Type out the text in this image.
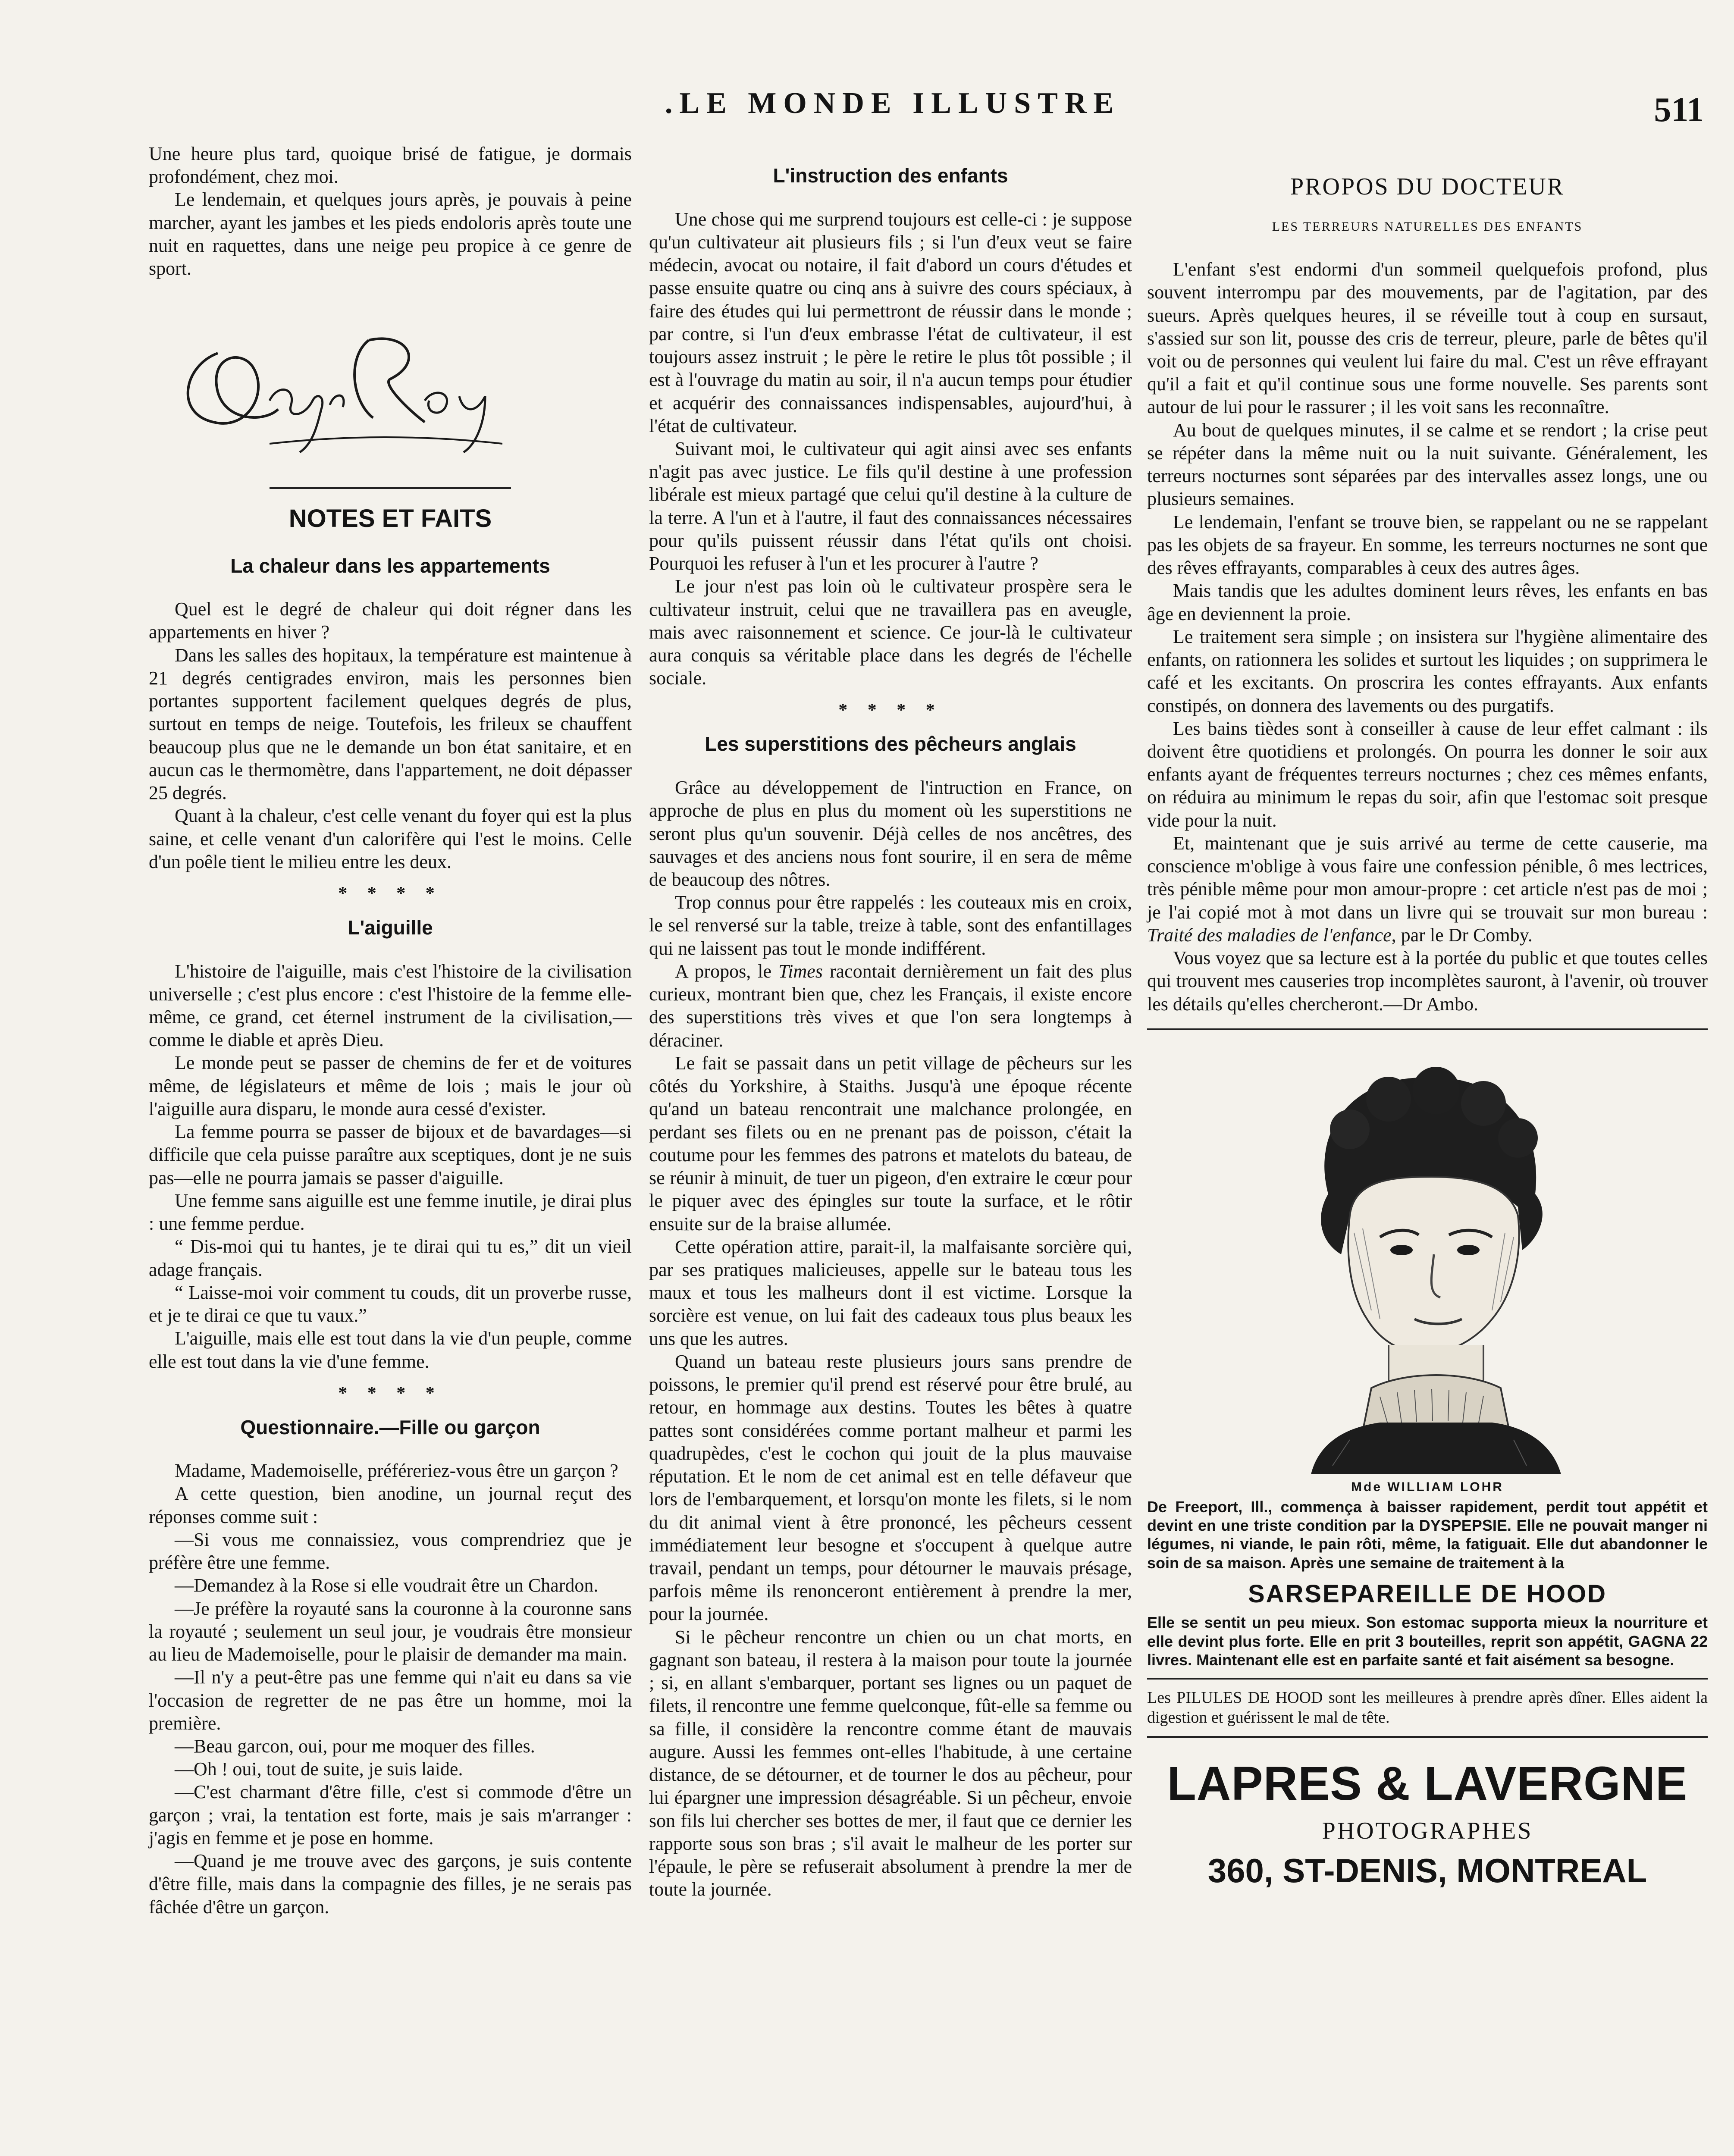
.LE MONDE ILLUSTRE	511

Une heure plus tard, quoique brisé de fatigue, je dormais profondément, chez moi.

Le lendemain, et quelques jours après, je pouvais à peine marcher, ayant les jambes et les pieds endoloris après toute une nuit en raquettes, dans une neige peu propice à ce genre de sport.

NOTES ET FAITS
La chaleur dans les appartements

Quel est le degré de chaleur qui doit régner dans les appartements en hiver ?

Dans les salles des hopitaux, la température est maintenue à 21 degrés centigrades environ, mais les personnes bien portantes supportent facilement quelques degrés de plus, surtout en temps de neige. Toutefois, les frileux se chauffent beaucoup plus que ne le demande un bon état sanitaire, et en aucun cas le thermomètre, dans l'appartement, ne doit dépasser 25 degrés.

Quant à la chaleur, c'est celle venant du foyer qui est la plus saine, et celle venant d'un calorifère qui l'est le moins. Celle d'un poêle tient le milieu entre les deux.

* * * *
L'aiguille

L'histoire de l'aiguille, mais c'est l'histoire de la civilisation universelle ; c'est plus encore : c'est l'histoire de la femme elle-même, ce grand, cet éternel instrument de la civilisation,—comme le diable et après Dieu.

Le monde peut se passer de chemins de fer et de voitures même, de législateurs et même de lois ; mais le jour où l'aiguille aura disparu, le monde aura cessé d'exister.

La femme pourra se passer de bijoux et de bavardages—si difficile que cela puisse paraître aux sceptiques, dont je ne suis pas—elle ne pourra jamais se passer d'aiguille.

Une femme sans aiguille est une femme inutile, je dirai plus : une femme perdue.

“ Dis-moi qui tu hantes, je te dirai qui tu es,” dit un vieil adage français.

“ Laisse-moi voir comment tu couds, dit un proverbe russe, et je te dirai ce que tu vaux.”

L'aiguille, mais elle est tout dans la vie d'un peuple, comme elle est tout dans la vie d'une femme.

* * * *
Questionnaire.—Fille ou garçon

Madame, Mademoiselle, préféreriez-vous être un garçon ?

A cette question, bien anodine, un journal reçut des réponses comme suit :

—Si vous me connaissiez, vous comprendriez que je préfère être une femme.

—Demandez à la Rose si elle voudrait être un Chardon.

—Je préfère la royauté sans la couronne à la couronne sans la royauté ; seulement un seul jour, je voudrais être monsieur au lieu de Mademoiselle, pour le plaisir de demander ma main.

—Il n'y a peut-être pas une femme qui n'ait eu dans sa vie l'occasion de regretter de ne pas être un homme, moi la première.

—Beau garcon, oui, pour me moquer des filles.

—Oh ! oui, tout de suite, je suis laide.

—C'est charmant d'être fille, c'est si commode d'être un garçon ; vrai, la tentation est forte, mais je sais m'arranger : j'agis en femme et je pose en homme.

—Quand je me trouve avec des garçons, je suis contente d'être fille, mais dans la compagnie des filles, je ne serais pas fâchée d'être un garçon.

L'instruction des enfants

Une chose qui me surprend toujours est celle-ci : je suppose qu'un cultivateur ait plusieurs fils ; si l'un d'eux veut se faire médecin, avocat ou notaire, il fait d'abord un cours d'études et passe ensuite quatre ou cinq ans à suivre des cours spéciaux, à faire des études qui lui permettront de réussir dans le monde ; par contre, si l'un d'eux embrasse l'état de cultivateur, il est toujours assez instruit ; le père le retire le plus tôt possible ; il est à l'ouvrage du matin au soir, il n'a aucun temps pour étudier et acquérir des connaissances indispensables, aujourd'hui, à l'état de cultivateur.

Suivant moi, le cultivateur qui agit ainsi avec ses enfants n'agit pas avec justice. Le fils qu'il destine à une profession libérale est mieux partagé que celui qu'il destine à la culture de la terre. A l'un et à l'autre, il faut des connaissances nécessaires pour qu'ils puissent réussir dans l'état qu'ils ont choisi. Pourquoi les refuser à l'un et les procurer à l'autre ?

Le jour n'est pas loin où le cultivateur prospère sera le cultivateur instruit, celui que ne travaillera pas en aveugle, mais avec raisonnement et science. Ce jour-là le cultivateur aura conquis sa véritable place dans les degrés de l'échelle sociale.

* * * *
Les superstitions des pêcheurs anglais

Grâce au développement de l'intruction en France, on approche de plus en plus du moment où les superstitions ne seront plus qu'un souvenir. Déjà celles de nos ancêtres, des sauvages et des anciens nous font sourire, il en sera de même de beaucoup des nôtres.

Trop connus pour être rappelés : les couteaux mis en croix, le sel renversé sur la table, treize à table, sont des enfantillages qui ne laissent pas tout le monde indifférent.

A propos, le Times racontait dernièrement un fait des plus curieux, montrant bien que, chez les Français, il existe encore des superstitions très vives et que l'on sera longtemps à déraciner.

Le fait se passait dans un petit village de pêcheurs sur les côtés du Yorkshire, à Staiths. Jusqu'à une époque récente qu'and un bateau rencontrait une malchance prolongée, en perdant ses filets ou en ne prenant pas de poisson, c'était la coutume pour les femmes des patrons et matelots du bateau, de se réunir à minuit, de tuer un pigeon, d'en extraire le cœur pour le piquer avec des épingles sur toute la surface, et le rôtir ensuite sur de la braise allumée.

Cette opération attire, parait-il, la malfaisante sorcière qui, par ses pratiques malicieuses, appelle sur le bateau tous les maux et tous les malheurs dont il est victime. Lorsque la sorcière est venue, on lui fait des cadeaux tous plus beaux les uns que les autres.

Quand un bateau reste plusieurs jours sans prendre de poissons, le premier qu'il prend est réservé pour être brulé, au retour, en hommage aux destins. Toutes les bêtes à quatre pattes sont considérées comme portant malheur et parmi les quadrupèdes, c'est le cochon qui jouit de la plus mauvaise réputation. Et le nom de cet animal est en telle défaveur que lors de l'embarquement, et lorsqu'on monte les filets, si le nom du dit animal vient à être prononcé, les pêcheurs cessent immédiatement leur besogne et s'occupent à quelque autre travail, pendant un temps, pour détourner le mauvais présage, parfois même ils renonceront entièrement à prendre la mer, pour la journée.

Si le pêcheur rencontre un chien ou un chat morts, en gagnant son bateau, il restera à la maison pour toute la journée ; si, en allant s'embarquer, portant ses lignes ou un paquet de filets, il rencontre une femme quelconque, fût-elle sa femme ou sa fille, il considère la rencontre comme étant de mauvais augure. Aussi les femmes ont-elles l'habitude, à une certaine distance, de se détourner, et de tourner le dos au pêcheur, pour lui épargner une impression désagréable. Si un pêcheur, envoie son fils lui chercher ses bottes de mer, il faut que ce dernier les rapporte sous son bras ; s'il avait le malheur de les porter sur l'épaule, le père se refuserait absolument à prendre la mer de toute la journée.

PROPOS DU DOCTEUR
LES TERREURS NATURELLES DES ENFANTS

L'enfant s'est endormi d'un sommeil quelquefois profond, plus souvent interrompu par des mouvements, par de l'agitation, par des sueurs. Après quelques heures, il se réveille tout à coup en sursaut, s'assied sur son lit, pousse des cris de terreur, pleure, parle de bêtes qu'il voit ou de personnes qui veulent lui faire du mal. C'est un rêve effrayant qu'il a fait et qu'il continue sous une forme nouvelle. Ses parents sont autour de lui pour le rassurer ; il les voit sans les reconnaître.

Au bout de quelques minutes, il se calme et se rendort ; la crise peut se répéter dans la même nuit ou la nuit suivante. Généralement, les terreurs nocturnes sont séparées par des intervalles assez longs, une ou plusieurs semaines.

Le lendemain, l'enfant se trouve bien, se rappelant ou ne se rappelant pas les objets de sa frayeur. En somme, les terreurs nocturnes ne sont que des rêves effrayants, comparables à ceux des autres âges.

Mais tandis que les adultes dominent leurs rêves, les enfants en bas âge en deviennent la proie.

Le traitement sera simple ; on insistera sur l'hygiène alimentaire des enfants, on rationnera les solides et surtout les liquides ; on supprimera le café et les excitants. On proscrira les contes effrayants. Aux enfants constipés, on donnera des lavements ou des purgatifs.

Les bains tièdes sont à conseiller à cause de leur effet calmant : ils doivent être quotidiens et prolongés. On pourra les donner le soir aux enfants ayant de fréquentes terreurs nocturnes ; chez ces mêmes enfants, on réduira au minimum le repas du soir, afin que l'estomac soit presque vide pour la nuit.

Et, maintenant que je suis arrivé au terme de cette causerie, ma conscience m'oblige à vous faire une confession pénible, ô mes lectrices, très pénible même pour mon amour-propre : cet article n'est pas de moi ; je l'ai copié mot à mot dans un livre qui se trouvait sur mon bureau : Traité des maladies de l'enfance, par le Dr Comby.

Vous voyez que sa lecture est à la portée du public et que toutes celles qui trouvent mes causeries trop incomplètes sauront, à l'avenir, où trouver les détails qu'elles chercheront.—Dr Ambo.

Mde WILLIAM LOHR

De Freeport, Ill., commença à baisser rapidement, perdit tout appétit et devint en une triste condition par la DYSPEPSIE. Elle ne pouvait manger ni légumes, ni viande, le pain rôti, même, la fatiguait. Elle dut abandonner le soin de sa maison. Après une semaine de traitement à la

SARSEPAREILLE DE HOOD

Elle se sentit un peu mieux. Son estomac supporta mieux la nourriture et elle devint plus forte. Elle en prit 3 bouteilles, reprit son appétit, GAGNA 22 livres. Maintenant elle est en parfaite santé et fait aisément sa besogne.

Les PILULES DE HOOD sont les meilleures à prendre après dîner. Elles aident la digestion et guérissent le mal de tête.

LAPRES & LAVERGNE
PHOTOGRAPHES
360, ST-DENIS, MONTREAL
